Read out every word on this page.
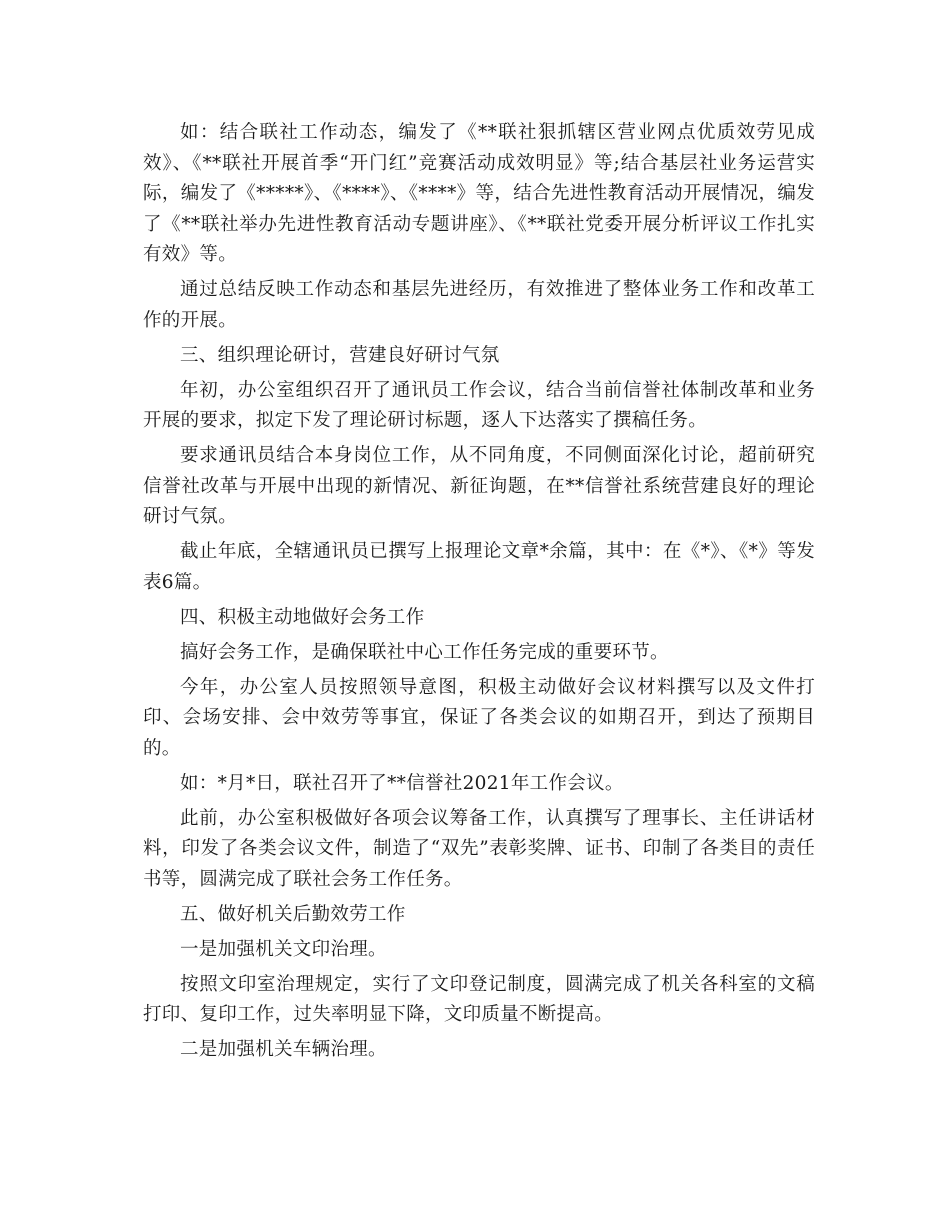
如：结合联社工作动态，编发了《**联社狠抓辖区营业网点优质效劳见成效》、《**联社开展首季“开门红”竞赛活动成效明显》等;结合基层社业务运营实际，编发了《*****》、《****》、《****》等，结合先进性教育活动开展情况，编发了《**联社举办先进性教育活动专题讲座》、《**联社党委开展分析评议工作扎实有效》等。

通过总结反映工作动态和基层先进经历，有效推进了整体业务工作和改革工作的开展。

三、组织理论研讨，营建良好研讨气氛

年初，办公室组织召开了通讯员工作会议，结合当前信誉社体制改革和业务开展的要求，拟定下发了理论研讨标题，逐人下达落实了撰稿任务。

要求通讯员结合本身岗位工作，从不同角度，不同侧面深化讨论，超前研究信誉社改革与开展中出现的新情况、新征询题，在**信誉社系统营建良好的理论研讨气氛。

截止年底，全辖通讯员已撰写上报理论文章*余篇，其中：在《*》、《*》等发表6篇。

四、积极主动地做好会务工作

搞好会务工作，是确保联社中心工作任务完成的重要环节。

今年，办公室人员按照领导意图，积极主动做好会议材料撰写以及文件打印、会场安排、会中效劳等事宜，保证了各类会议的如期召开，到达了预期目的。

如：*月*日，联社召开了**信誉社2021年工作会议。

此前，办公室积极做好各项会议筹备工作，认真撰写了理事长、主任讲话材料，印发了各类会议文件，制造了“双先”表彰奖牌、证书、印制了各类目的责任书等，圆满完成了联社会务工作任务。

五、做好机关后勤效劳工作

一是加强机关文印治理。

按照文印室治理规定，实行了文印登记制度，圆满完成了机关各科室的文稿打印、复印工作，过失率明显下降，文印质量不断提高。

二是加强机关车辆治理。
